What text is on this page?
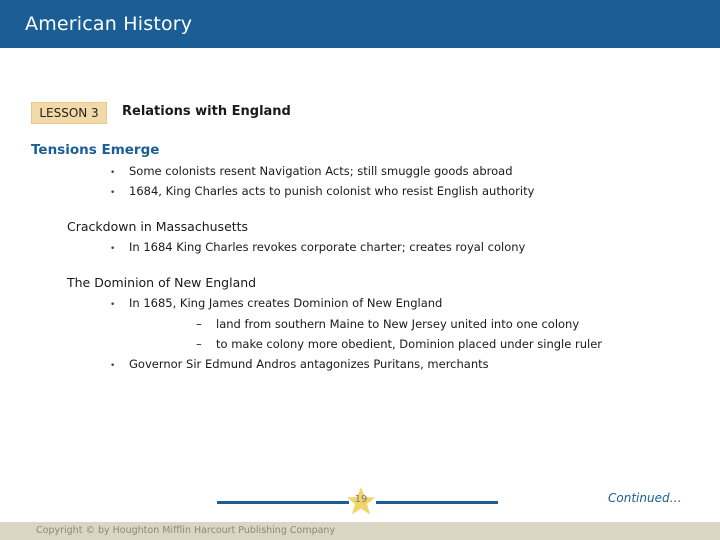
American History
LESSON 3	Relations with England
Tensions Emerge
• Some colonists resent Navigation Acts; still smuggle goods abroad
• 1684, King Charles acts to punish colonist who resist English authority
Crackdown in Massachusetts
• In 1684 King Charles revokes corporate charter; creates royal colony
The Dominion of New England
• In 1685, King James creates Dominion of New England
– land from southern Maine to New Jersey united into one colony
– to make colony more obedient, Dominion placed under single ruler
• Governor Sir Edmund Andros antagonizes Puritans, merchants
19	Continued…
Copyright © by Houghton Mifflin Harcourt Publishing Company
